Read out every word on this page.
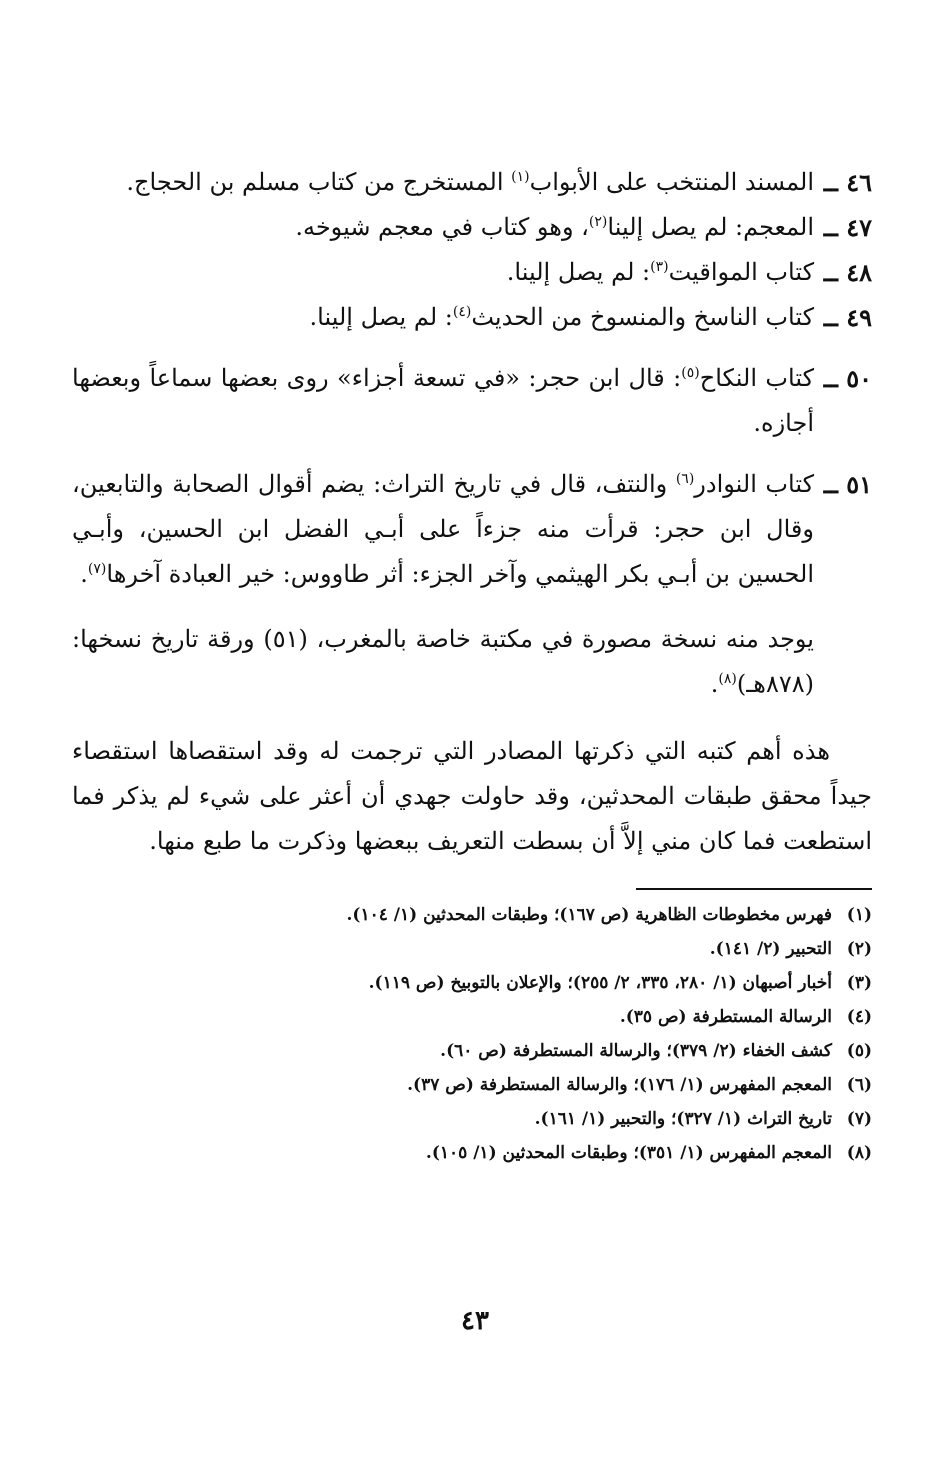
٤٦ ــ
المسند المنتخب على الأبواب$^{(١)}$ المستخرج من كتاب مسلم بن الحجاج.
٤٧ ــ
المعجم: لم يصل إلينا$^{(٢)}$، وهو كتاب في معجم شيوخه.
٤٨ ــ
كتاب المواقيت$^{(٣)}$: لم يصل إلينا.
٤٩ ــ
كتاب الناسخ والمنسوخ من الحديث$^{(٤)}$: لم يصل إلينا.
٥٠ ــ
كتاب النكاح$^{(٥)}$: قال ابن حجر: «في تسعة أجزاء» روى بعضها سماعاً وبعضها أجازه.
٥١ ــ
كتاب النوادر$^{(٦)}$ والنتف، قال في تاريخ التراث: يضم أقوال الصحابة والتابعين، وقال ابن حجر: قرأت منه جزءاً على أبـي الفضل ابن الحسين، وأبـي الحسين بن أبـي بكر الهيثمي وآخر الجزء: أثر طاووس: خير العبادة آخرها$^{(٧)}$.
يوجد منه نسخة مصورة في مكتبة خاصة بالمغرب، (٥١) ورقة تاريخ نسخها: (٨٧٨هـ)$^{(٨)}$.
هذه أهم كتبه التي ذكرتها المصادر التي ترجمت له وقد استقصاها استقصاء جيداً محقق طبقات المحدثين، وقد حاولت جهدي أن أعثر على شيء لم يذكر فما استطعت فما كان مني إلاَّ أن بسطت التعريف ببعضها وذكرت ما طبع منها.
(١)فهرس مخطوطات الظاهرية (ص ١٦٧)؛ وطبقات المحدثين (١/ ١٠٤).
(٢)التحبير (٢/ ١٤١).
(٣)أخبار أصبهان (١/ ٢٨٠، ٣٣٥، ٢/ ٢٥٥)؛ والإعلان بالتوبيخ (ص ١١٩).
(٤)الرسالة المستطرفة (ص ٣٥).
(٥)كشف الخفاء (٢/ ٣٧٩)؛ والرسالة المستطرفة (ص ٦٠).
(٦)المعجم المفهرس (١/ ١٧٦)؛ والرسالة المستطرفة (ص ٣٧).
(٧)تاريخ التراث (١/ ٣٢٧)؛ والتحبير (١/ ١٦١).
(٨)المعجم المفهرس (١/ ٣٥١)؛ وطبقات المحدثين (١/ ١٠٥).
٤٣
